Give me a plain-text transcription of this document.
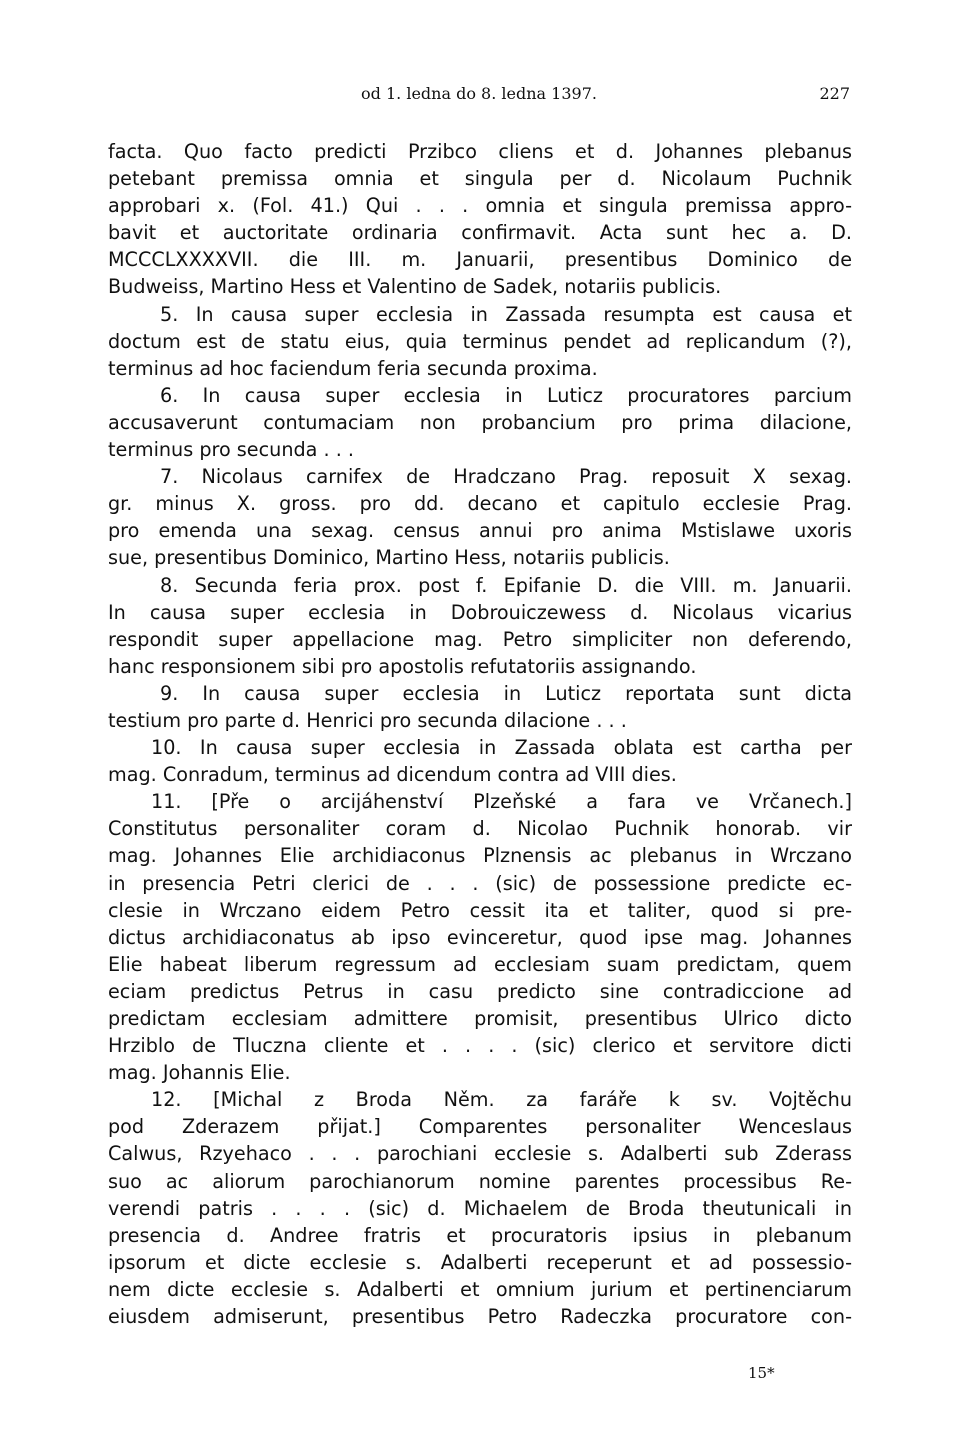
od 1. ledna do 8. ledna 1397.	227
facta. Quo facto predicti Przibco cliens et d. Johannes plebanus
petebant premissa omnia et singula per d. Nicolaum Puchnik
approbari x. (Fol. 41.) Qui . . . omnia et singula premissa appro-
bavit et auctoritate ordinaria confirmavit. Acta sunt hec a. D.
MCCCLXXXXVII. die III. m. Januarii, presentibus Dominico de
Budweiss, Martino Hess et Valentino de Sadek, notariis publicis.
5. In causa super ecclesia in Zassada resumpta est causa et
doctum est de statu eius, quia terminus pendet ad replicandum (?),
terminus ad hoc faciendum feria secunda proxima.
6. In causa super ecclesia in Luticz procuratores parcium
accusaverunt contumaciam non probancium pro prima dilacione,
terminus pro secunda . . .
7. Nicolaus carnifex de Hradczano Prag. reposuit X sexag.
gr. minus X. gross. pro dd. decano et capitulo ecclesie Prag.
pro emenda una sexag. census annui pro anima Mstislawe uxoris
sue, presentibus Dominico, Martino Hess, notariis publicis.
8. Secunda feria prox. post f. Epifanie D. die VIII. m. Januarii.
In causa super ecclesia in Dobrouiczewess d. Nicolaus vicarius
respondit super appellacione mag. Petro simpliciter non deferendo,
hanc responsionem sibi pro apostolis refutatoriis assignando.
9. In causa super ecclesia in Luticz reportata sunt dicta
testium pro parte d. Henrici pro secunda dilacione . . .
10. In causa super ecclesia in Zassada oblata est cartha per
mag. Conradum, terminus ad dicendum contra ad VIII dies.
11. [Pře o arcijáhenství Plzeňské a fara ve Vrčanech.]
Constitutus personaliter coram d. Nicolao Puchnik honorab. vir
mag. Johannes Elie archidiaconus Plznensis ac plebanus in Wrczano
in presencia Petri clerici de . . . (sic) de possessione predicte ec-
clesie in Wrczano eidem Petro cessit ita et taliter, quod si pre-
dictus archidiaconatus ab ipso evinceretur, quod ipse mag. Johannes
Elie habeat liberum regressum ad ecclesiam suam predictam, quem
eciam predictus Petrus in casu predicto sine contradiccione ad
predictam ecclesiam admittere promisit, presentibus Ulrico dicto
Hrziblo de Tluczna cliente et . . . . (sic) clerico et servitore dicti
mag. Johannis Elie.
12. [Michal z Broda Něm. za faráře k sv. Vojtěchu
pod Zderazem přijat.] Comparentes personaliter Wenceslaus
Calwus, Rzyehaco . . . parochiani ecclesie s. Adalberti sub Zderass
suo ac aliorum parochianorum nomine parentes processibus Re-
verendi patris . . . . (sic) d. Michaelem de Broda theutunicali in
presencia d. Andree fratris et procuratoris ipsius in plebanum
ipsorum et dicte ecclesie s. Adalberti receperunt et ad possessio-
nem dicte ecclesie s. Adalberti et omnium jurium et pertinenciarum
eiusdem admiserunt, presentibus Petro Radeczka procuratore con-
15*
